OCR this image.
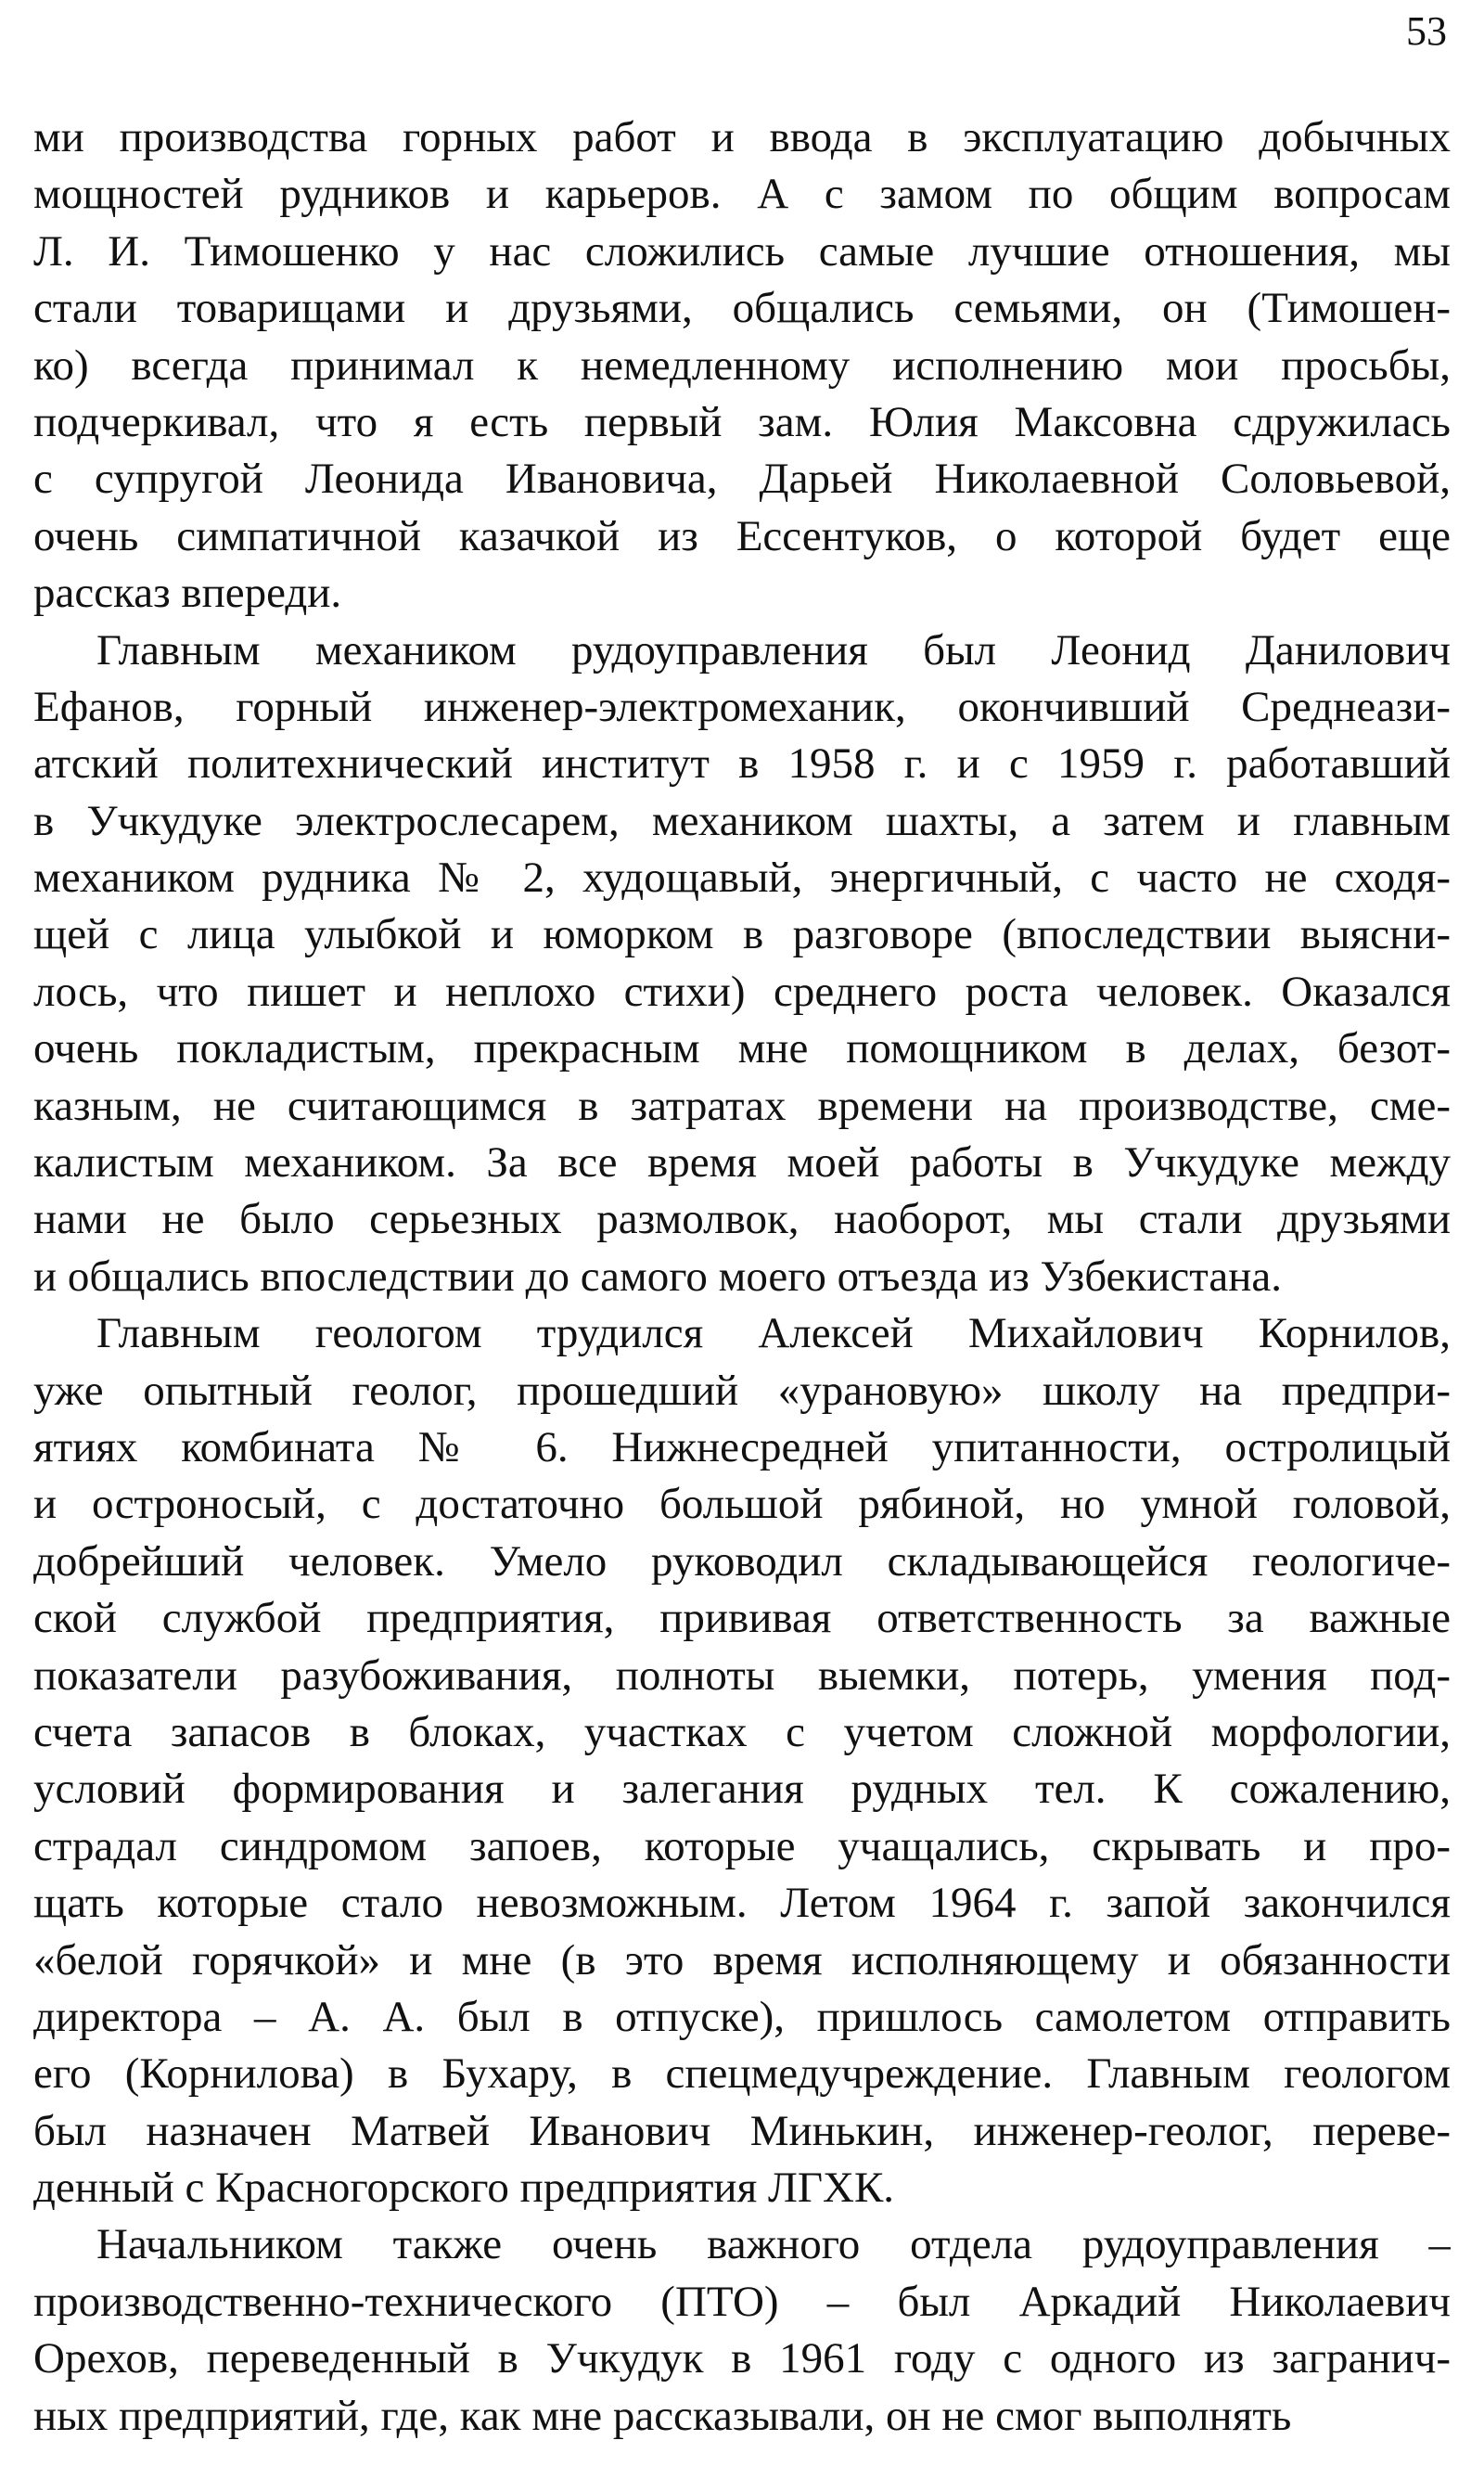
53
ми производства горных работ и ввода в эксплуатацию добычных
мощностей рудников и карьеров. А с замом по общим вопросам
Л. И. Тимошенко у нас сложились самые лучшие отношения, мы
стали товарищами и друзьями, общались семьями, он (Тимошен-
ко) всегда принимал к немедленному исполнению мои просьбы,
подчеркивал, что я есть первый зам. Юлия Максовна сдружилась
с супругой Леонида Ивановича, Дарьей Николаевной Соловьевой,
очень симпатичной казачкой из Ессентуков, о которой будет еще
рассказ впереди.
Главным механиком рудоуправления был Леонид Данилович
Ефанов, горный инженер-электромеханик, окончивший Среднеази-
атский политехнический институт в 1958 г. и с 1959 г. работавший
в Учкудуке электрослесарем, механиком шахты, а затем и главным
механиком рудника № 2, худощавый, энергичный, с часто не сходя-
щей с лица улыбкой и юморком в разговоре (впоследствии выясни-
лось, что пишет и неплохо стихи) среднего роста человек. Оказался
очень покладистым, прекрасным мне помощником в делах, безот-
казным, не считающимся в затратах времени на производстве, сме-
калистым механиком. За все время моей работы в Учкудуке между
нами не было серьезных размолвок, наоборот, мы стали друзьями
и общались впоследствии до самого моего отъезда из Узбекистана.
Главным геологом трудился Алексей Михайлович Корнилов,
уже опытный геолог, прошедший «урановую» школу на предпри-
ятиях комбината № 6. Нижнесредней упитанности, остролицый
и остроносый, с достаточно большой рябиной, но умной головой,
добрейший человек. Умело руководил складывающейся геологиче-
ской службой предприятия, прививая ответственность за важные
показатели разубоживания, полноты выемки, потерь, умения под-
счета запасов в блоках, участках с учетом сложной морфологии,
условий формирования и залегания рудных тел. К сожалению,
страдал синдромом запоев, которые учащались, скрывать и про-
щать которые стало невозможным. Летом 1964 г. запой закончился
«белой горячкой» и мне (в это время исполняющему и обязанности
директора – А. А. был в отпуске), пришлось самолетом отправить
его (Корнилова) в Бухару, в спецмедучреждение. Главным геологом
был назначен Матвей Иванович Минькин, инженер-геолог, переве-
денный с Красногорского предприятия ЛГХК.
Начальником также очень важного отдела рудоуправления –
производственно-технического (ПТО) – был Аркадий Николаевич
Орехов, переведенный в Учкудук в 1961 году с одного из загранич-
ных предприятий, где, как мне рассказывали, он не смог выполнять
